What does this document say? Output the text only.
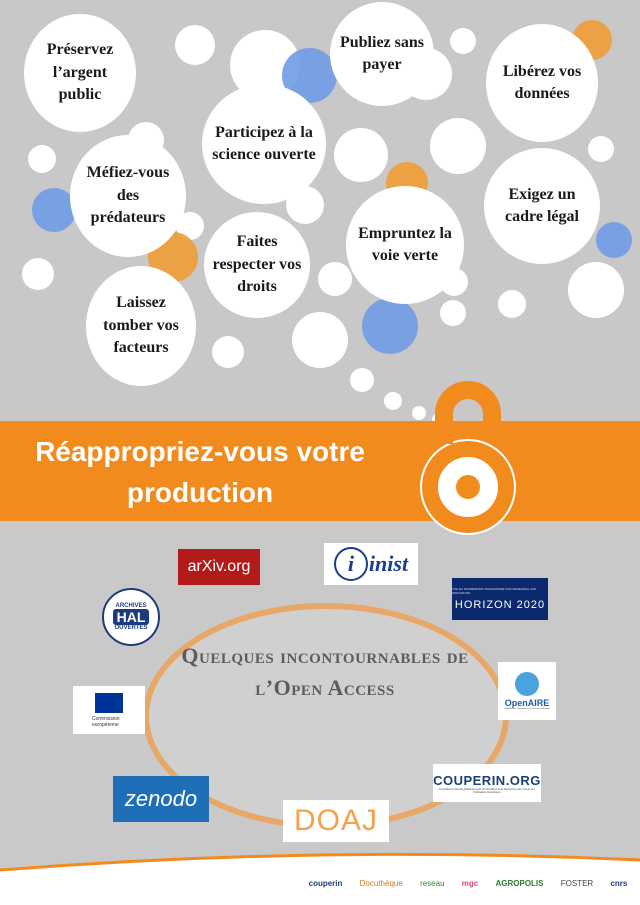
Préservez l’argent public
Publiez sans payer	Libérez vos données
Participez à la science ouverte
Méfiez-vous des prédateurs
Exigez un cadre légal
Faites respecter vos droits
Empruntez la voie verte
Laissez tomber vos facteurs
Réappropriez-vous votre production
Quelques incontournables de l’Open Access
arXiv.org	i inist
ARCHIVES
HAL
OUVERTES
THE EU FRAMEWORK PROGRAMME FOR RESEARCH AND INNOVATION
HORIZON 2020
OpenAIRE
Open Access Infrastructure for Research in Europe
Commission européenne
COUPERIN.ORG
Consortium Unifié des Établissements Universitaires et de Recherche pour l’Accès aux Publications Numériques
zenodo
DOAJ
couperin Docuthèque reseau mgc AGROPOLIS FOSTER cnrs
